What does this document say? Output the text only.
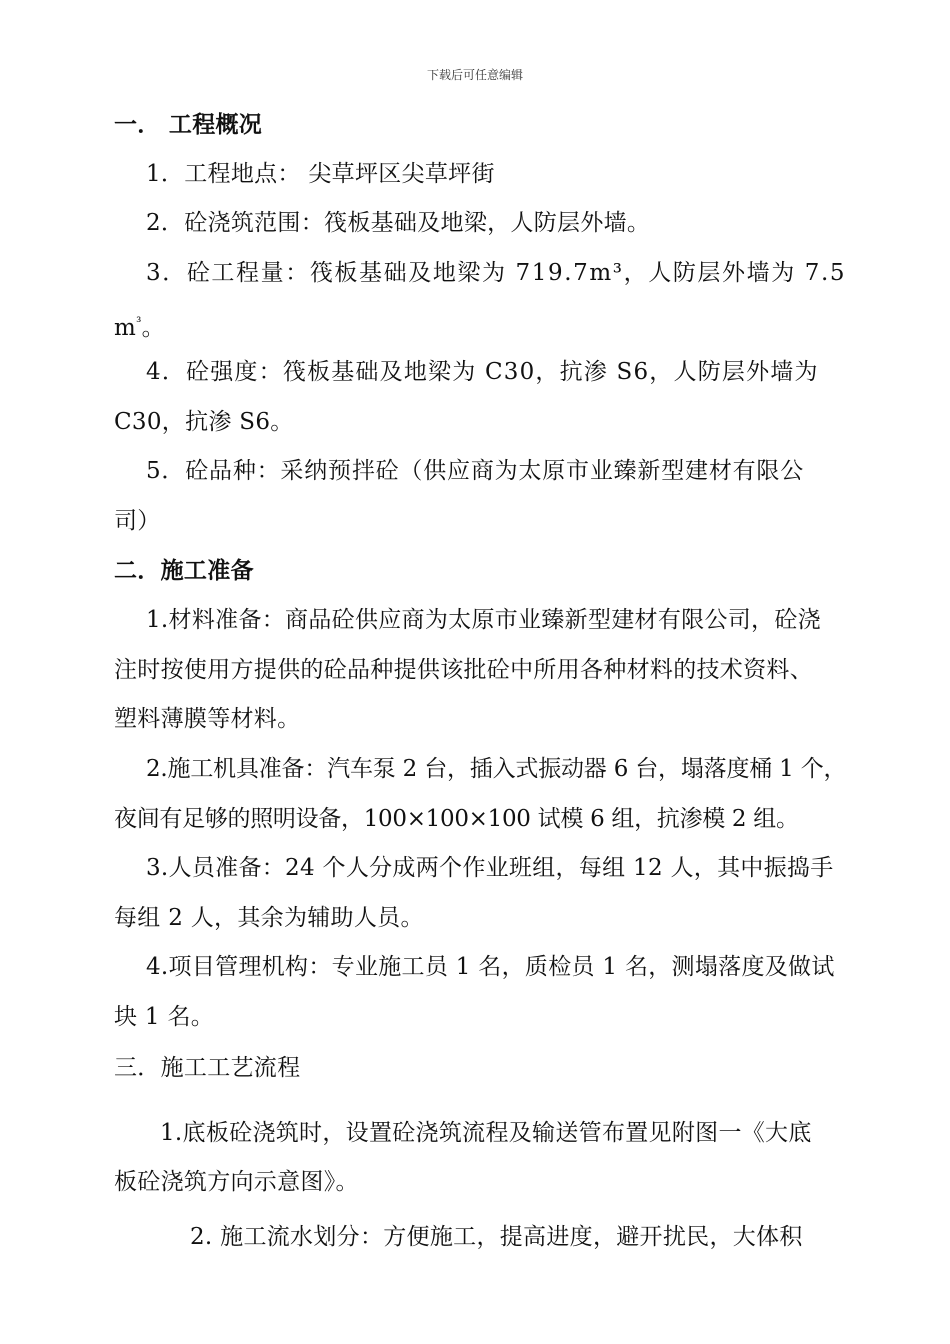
下载后可任意编辑
一． 工程概况
1．工程地点： 尖草坪区尖草坪街
2．砼浇筑范围：筏板基础及地梁，人防层外墙。
3．砼工程量：筏板基础及地梁为 719.7m³，人防层外墙为 7.5
$m^{^3}$。
4．砼强度：筏板基础及地梁为 C30，抗渗 S6，人防层外墙为
C30，抗渗 S6。
5．砼品种：采纳预拌砼（供应商为太原市业臻新型建材有限公
司）
二．施工准备
1.材料准备：商品砼供应商为太原市业臻新型建材有限公司，砼浇
注时按使用方提供的砼品种提供该批砼中所用各种材料的技术资料、
塑料薄膜等材料。
2.施工机具准备：汽车泵 2 台，插入式振动器 6 台，塌落度桶 1 个，
夜间有足够的照明设备，100×100×100 试模 6 组，抗渗模 2 组。
3.人员准备：24 个人分成两个作业班组，每组 12 人，其中振捣手
每组 2 人，其余为辅助人员。
4.项目管理机构：专业施工员 1 名，质检员 1 名，测塌落度及做试
块 1 名。
三．施工工艺流程
1.底板砼浇筑时，设置砼浇筑流程及输送管布置见附图一《大底
板砼浇筑方向示意图》。
2. 施工流水划分：方便施工，提高进度，避开扰民，大体积
